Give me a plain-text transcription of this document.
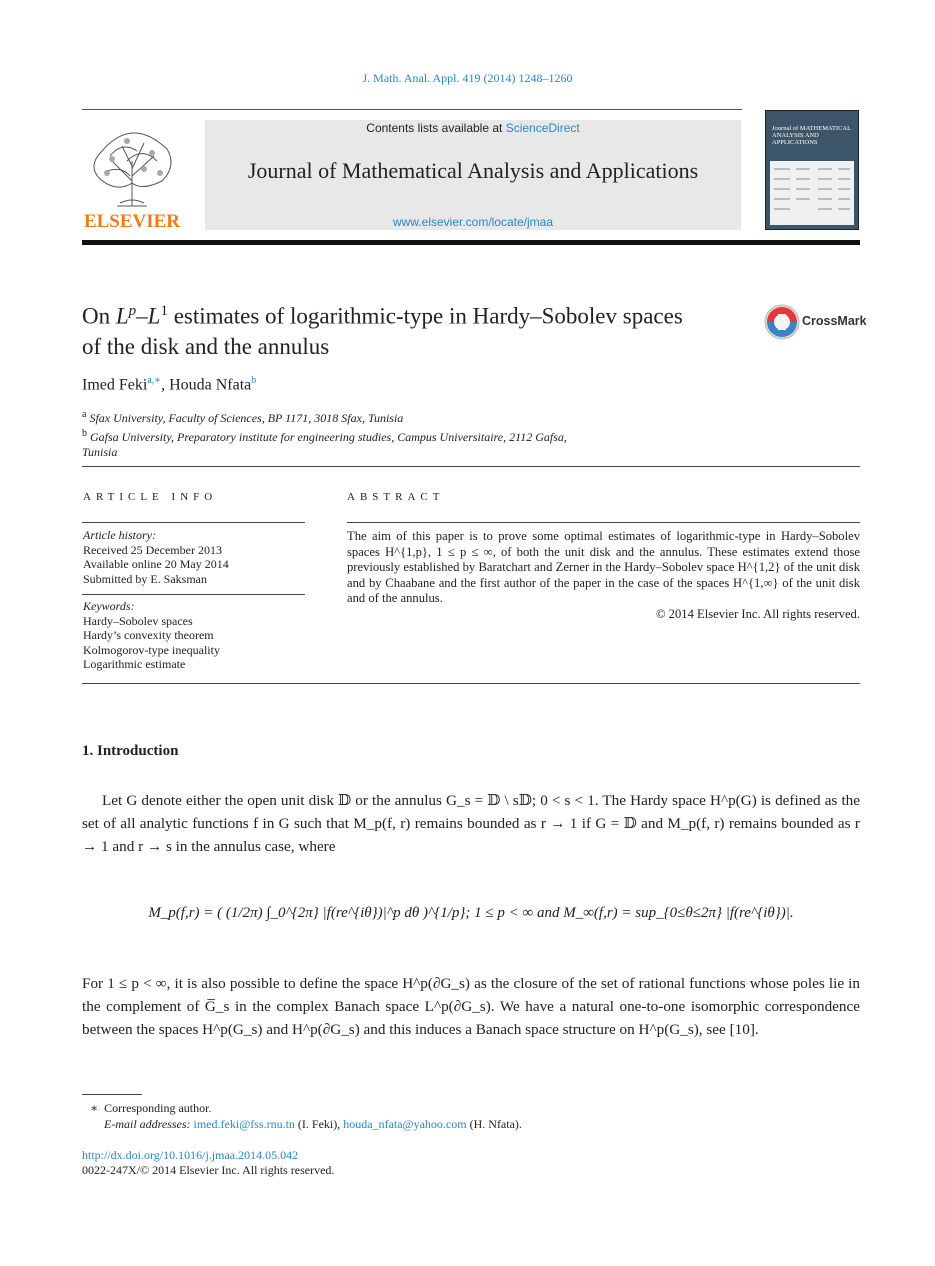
J. Math. Anal. Appl. 419 (2014) 1248–1260
ELSEVIER
Contents lists available at ScienceDirect
Journal of Mathematical Analysis and Applications
www.elsevier.com/locate/jmaa
Journal of MATHEMATICAL ANALYSIS AND APPLICATIONS
On $L^p-L^1$ estimates of logarithmic-type in Hardy–Sobolev spaces
of the disk and the annulus
CrossMark
Imed Feki$^{a,∗}$, Houda Nfata$^b$
$^a$ Sfax University, Faculty of Sciences, BP 1171, 3018 Sfax, Tunisia
$^b$ Gafsa University, Preparatory institute for engineering studies, Campus Universitaire, 2112 Gafsa,
Tunisia
ARTICLE INFO
Article history:
Received 25 December 2013
Available online 20 May 2014
Submitted by E. Saksman
Keywords:
Hardy–Sobolev spaces
Hardy’s convexity theorem
Kolmogorov-type inequality
Logarithmic estimate
ABSTRACT
The aim of this paper is to prove some optimal estimates of logarithmic-type in Hardy–Sobolev spaces H^{1,p}, 1 ≤ p ≤ ∞, of both the unit disk and the annulus. These estimates extend those previously established by Baratchart and Zerner in the Hardy–Sobolev space H^{1,2} of the unit disk and by Chaabane and the first author of the paper in the case of the spaces H^{1,∞} of the unit disk and of the annulus.
© 2014 Elsevier Inc. All rights reserved.
1. Introduction
Let G denote either the open unit disk 𝔻 or the annulus G_s = 𝔻 \ s𝔻; 0 < s < 1. The Hardy space H^p(G) is defined as the set of all analytic functions f in G such that M_p(f, r) remains bounded as r → 1 if G = 𝔻 and M_p(f, r) remains bounded as r → 1 and r → s in the annulus case, where
M_p(f,r) = ( (1/2π) ∫_0^{2π} |f(re^{iθ})|^p dθ )^{1/p}; 1 ≤ p < ∞ and M_∞(f,r) = sup_{0≤θ≤2π} |f(re^{iθ})|.
For 1 ≤ p < ∞, it is also possible to define the space H^p(∂G_s) as the closure of the set of rational functions whose poles lie in the complement of G̅_s in the complex Banach space L^p(∂G_s). We have a natural one-to-one isomorphic correspondence between the spaces H^p(G_s) and H^p(∂G_s) and this induces a Banach space structure on H^p(G_s), see [10].
∗ Corresponding author.
E-mail addresses: imed.feki@fss.rnu.tn (I. Feki), houda_nfata@yahoo.com (H. Nfata).
http://dx.doi.org/10.1016/j.jmaa.2014.05.042
0022-247X/© 2014 Elsevier Inc. All rights reserved.
